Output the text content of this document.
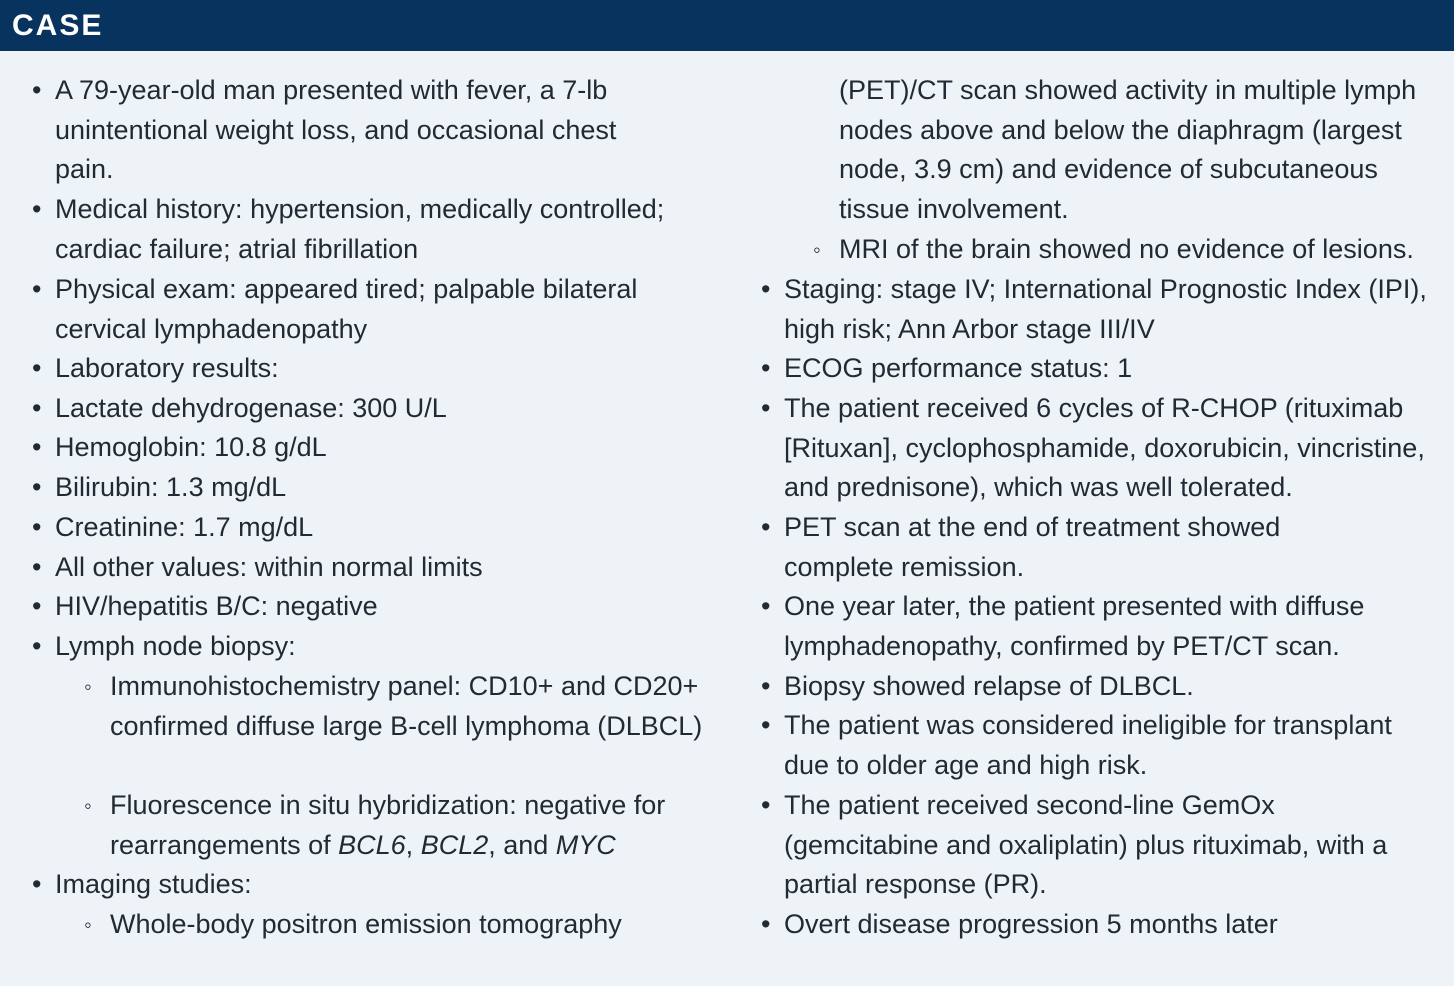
CASE

• A 79-year-old man presented with fever, a 7-lb unintentional weight loss, and occasional chest pain.

• Medical history: hypertension, medically controlled; cardiac failure; atrial fibrillation

• Physical exam: appeared tired; palpable bilateral cervical lymphadenopathy

• Laboratory results:

• Lactate dehydrogenase: 300 U/L

• Hemoglobin: 10.8 g/dL

• Bilirubin: 1.3 mg/dL

• Creatinine: 1.7 mg/dL

• All other values: within normal limits

• HIV/hepatitis B/C: negative

• Lymph node biopsy:

◦ Immunohistochemistry panel: CD10+ and CD20+ confirmed diffuse large B-cell lymphoma (DLBCL)

◦ Fluorescence in situ hybridization: negative for rearrangements of BCL6, BCL2, and MYC

• Imaging studies:

◦ Whole-body positron emission tomography

(PET)/CT scan showed activity in multiple lymph nodes above and below the diaphragm (largest node, 3.9 cm) and evidence of subcutaneous tissue involvement.

◦ MRI of the brain showed no evidence of lesions.

• Staging: stage IV; International Prognostic Index (IPI), high risk; Ann Arbor stage III/IV

• ECOG performance status: 1

• The patient received 6 cycles of R-CHOP (rituximab [Rituxan], cyclophosphamide, doxorubicin, vincristine, and prednisone), which was well tolerated.

• PET scan at the end of treatment showed complete remission.

• One year later, the patient presented with diffuse lymphadenopathy, confirmed by PET/CT scan.

• Biopsy showed relapse of DLBCL.

• The patient was considered ineligible for transplant due to older age and high risk.

• The patient received second-line GemOx (gemcitabine and oxaliplatin) plus rituximab, with a partial response (PR).

• Overt disease progression 5 months later
